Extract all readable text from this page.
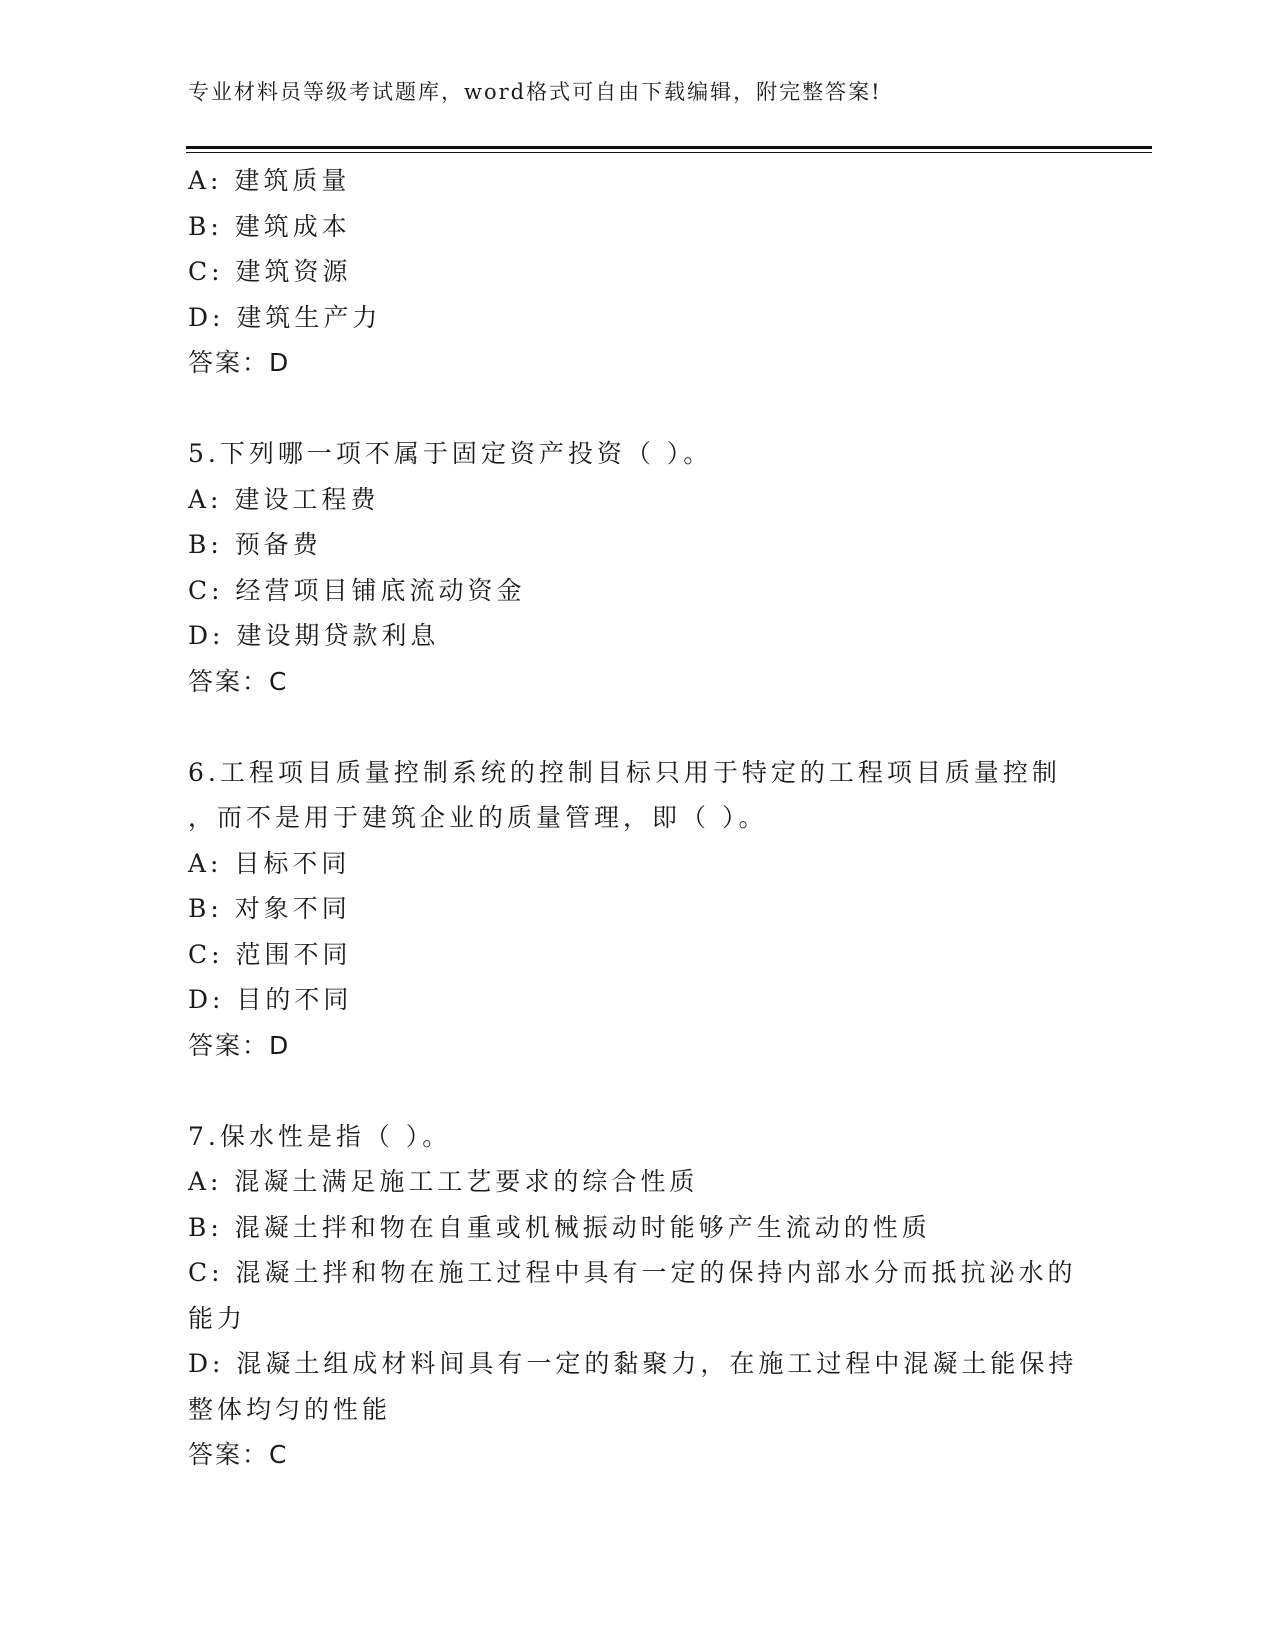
专业材料员等级考试题库，word格式可自由下载编辑，附完整答案!
A: 建筑质量
B: 建筑成本
C: 建筑资源
D: 建筑生产力
答案：D
5.下列哪一项不属于固定资产投资（ ）。
A: 建设工程费
B: 预备费
C: 经营项目铺底流动资金
D: 建设期贷款利息
答案：C
6.工程项目质量控制系统的控制目标只用于特定的工程项目质量控制
，而不是用于建筑企业的质量管理，即（ ）。
A: 目标不同
B: 对象不同
C: 范围不同
D: 目的不同
答案：D
7.保水性是指（ ）。
A: 混凝土满足施工工艺要求的综合性质
B: 混凝土拌和物在自重或机械振动时能够产生流动的性质
C: 混凝土拌和物在施工过程中具有一定的保持内部水分而抵抗泌水的
能力
D: 混凝土组成材料间具有一定的黏聚力，在施工过程中混凝土能保持
整体均匀的性能
答案：C
